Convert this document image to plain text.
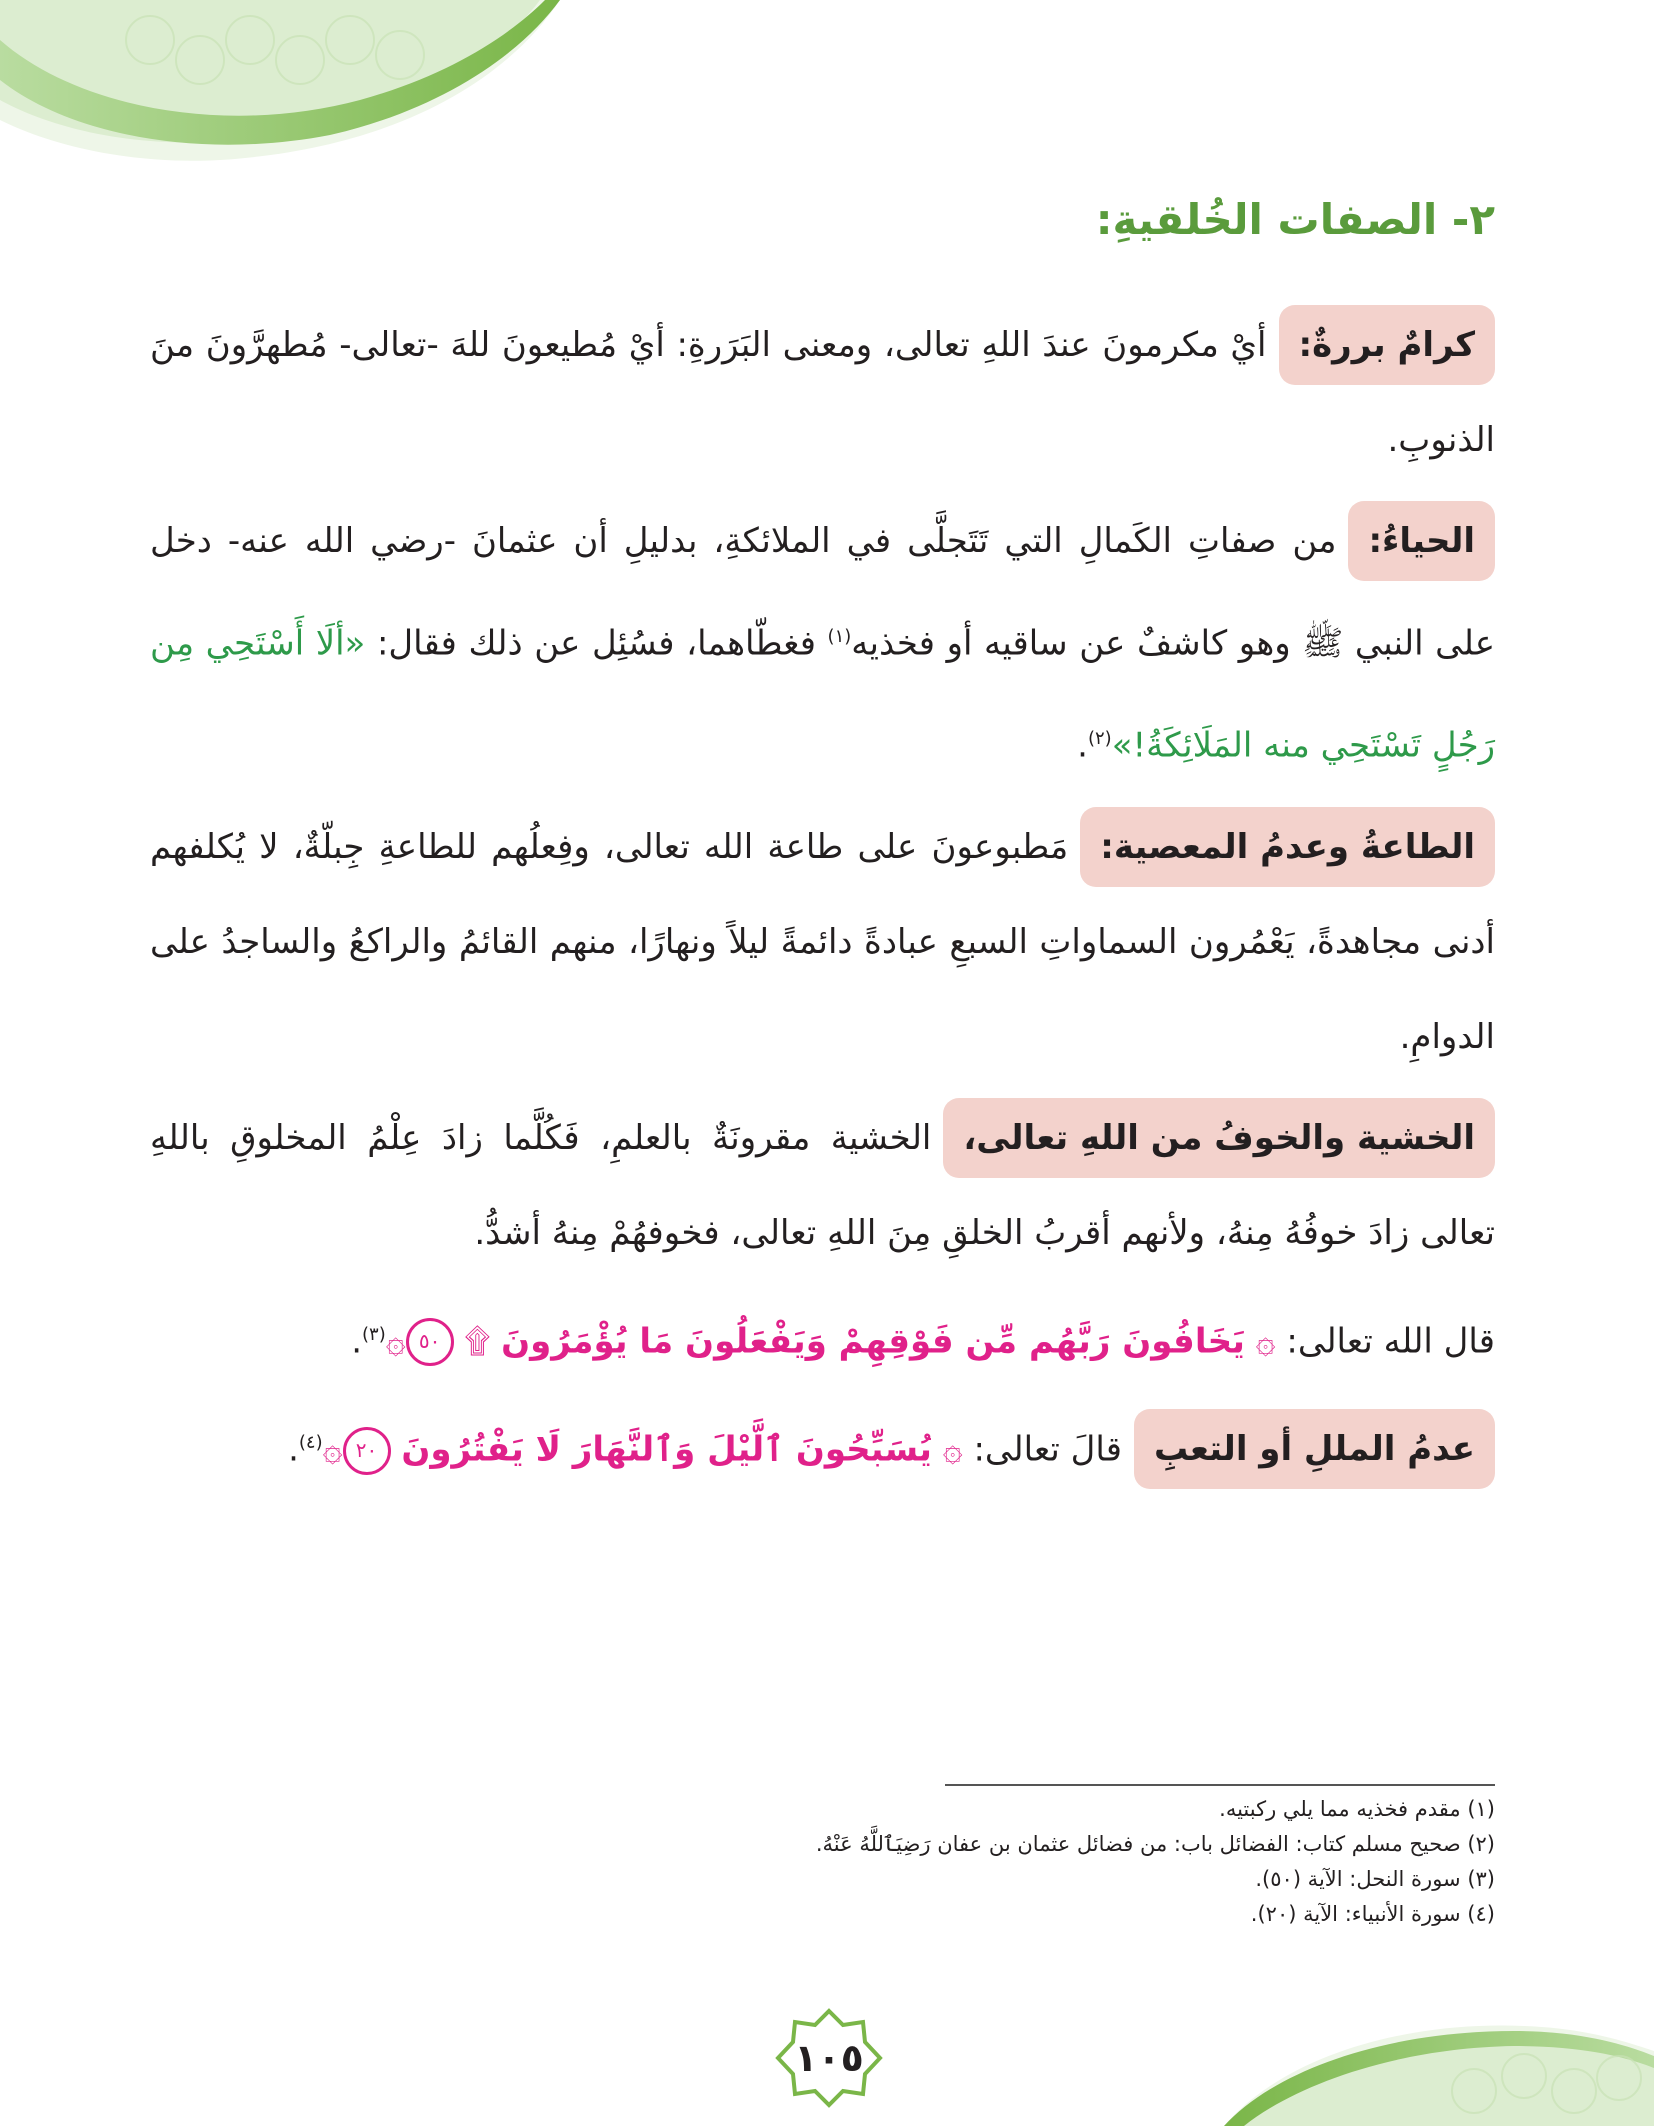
٢- الصفات الخُلقيةِ:

كرامٌ بررةٌ:أيْ مكرمونَ عندَ اللهِ تعالى، ومعنى البَرَرةِ: أيْ مُطيعونَ للهَ -تعالى- مُطهرَّونَ منَ الذنوبِ.

الحياءُ:من صفاتِ الكَمالِ التي تَتَجلَّى في الملائكةِ، بدليلِ أن عثمانَ -رضي الله عنه- دخل على النبي ﷺ وهو كاشفٌ عن ساقيه أو فخذيه$^{(١)}$ فغطّاهما، فسُئِل عن ذلك فقال: «ألَا أَسْتَحِي مِن رَجُلٍ تَسْتَحِي منه المَلَائِكَةُ!»$^{(٢)}$.

الطاعةُ وعدمُ المعصية:مَطبوعونَ على طاعة الله تعالى، وفِعلُهم للطاعةِ جِبلّةٌ، لا يُكلفهم أدنى مجاهدةً، يَعْمُرون السماواتِ السبعِ عبادةً دائمةً ليلاً ونهارًا، منهم القائمُ والراكعُ والساجدُ على الدوامِ.

الخشية والخوفُ من اللهِ تعالى،الخشية مقرونَةٌ بالعلمِ، فَكُلَّما زادَ عِلْمُ المخلوقِ باللهِ تعالى زادَ خوفُهُ مِنهُ، ولأنهم أقربُ الخلقِ مِنَ اللهِ تعالى، فخوفهُمْ مِنهُ أشدُّ.

قال الله تعالى: ۞ يَخَافُونَ رَبَّهُم مِّن فَوْقِهِمْ وَيَفْعَلُونَ مَا يُؤْمَرُونَ ۩ ٥٠۞$^{(٣)}$.

عدمُ المللِ أو التعبِقالَ تعالى: ۞ يُسَبِّحُونَ ٱلَّيْلَ وَٱلنَّهَارَ لَا يَفْتُرُونَ ٢٠۞$^{(٤)}$.

(١) مقدم فخذيه مما يلي ركبتيه.
(٢) صحيح مسلم كتاب: الفضائل باب: من فضائل عثمان بن عفان رَضِيَٱللَّهُ عَنْهُ.
(٣) سورة النحل: الآية (٥٠).
(٤) سورة الأنبياء: الآية (٢٠).
١٠٥
